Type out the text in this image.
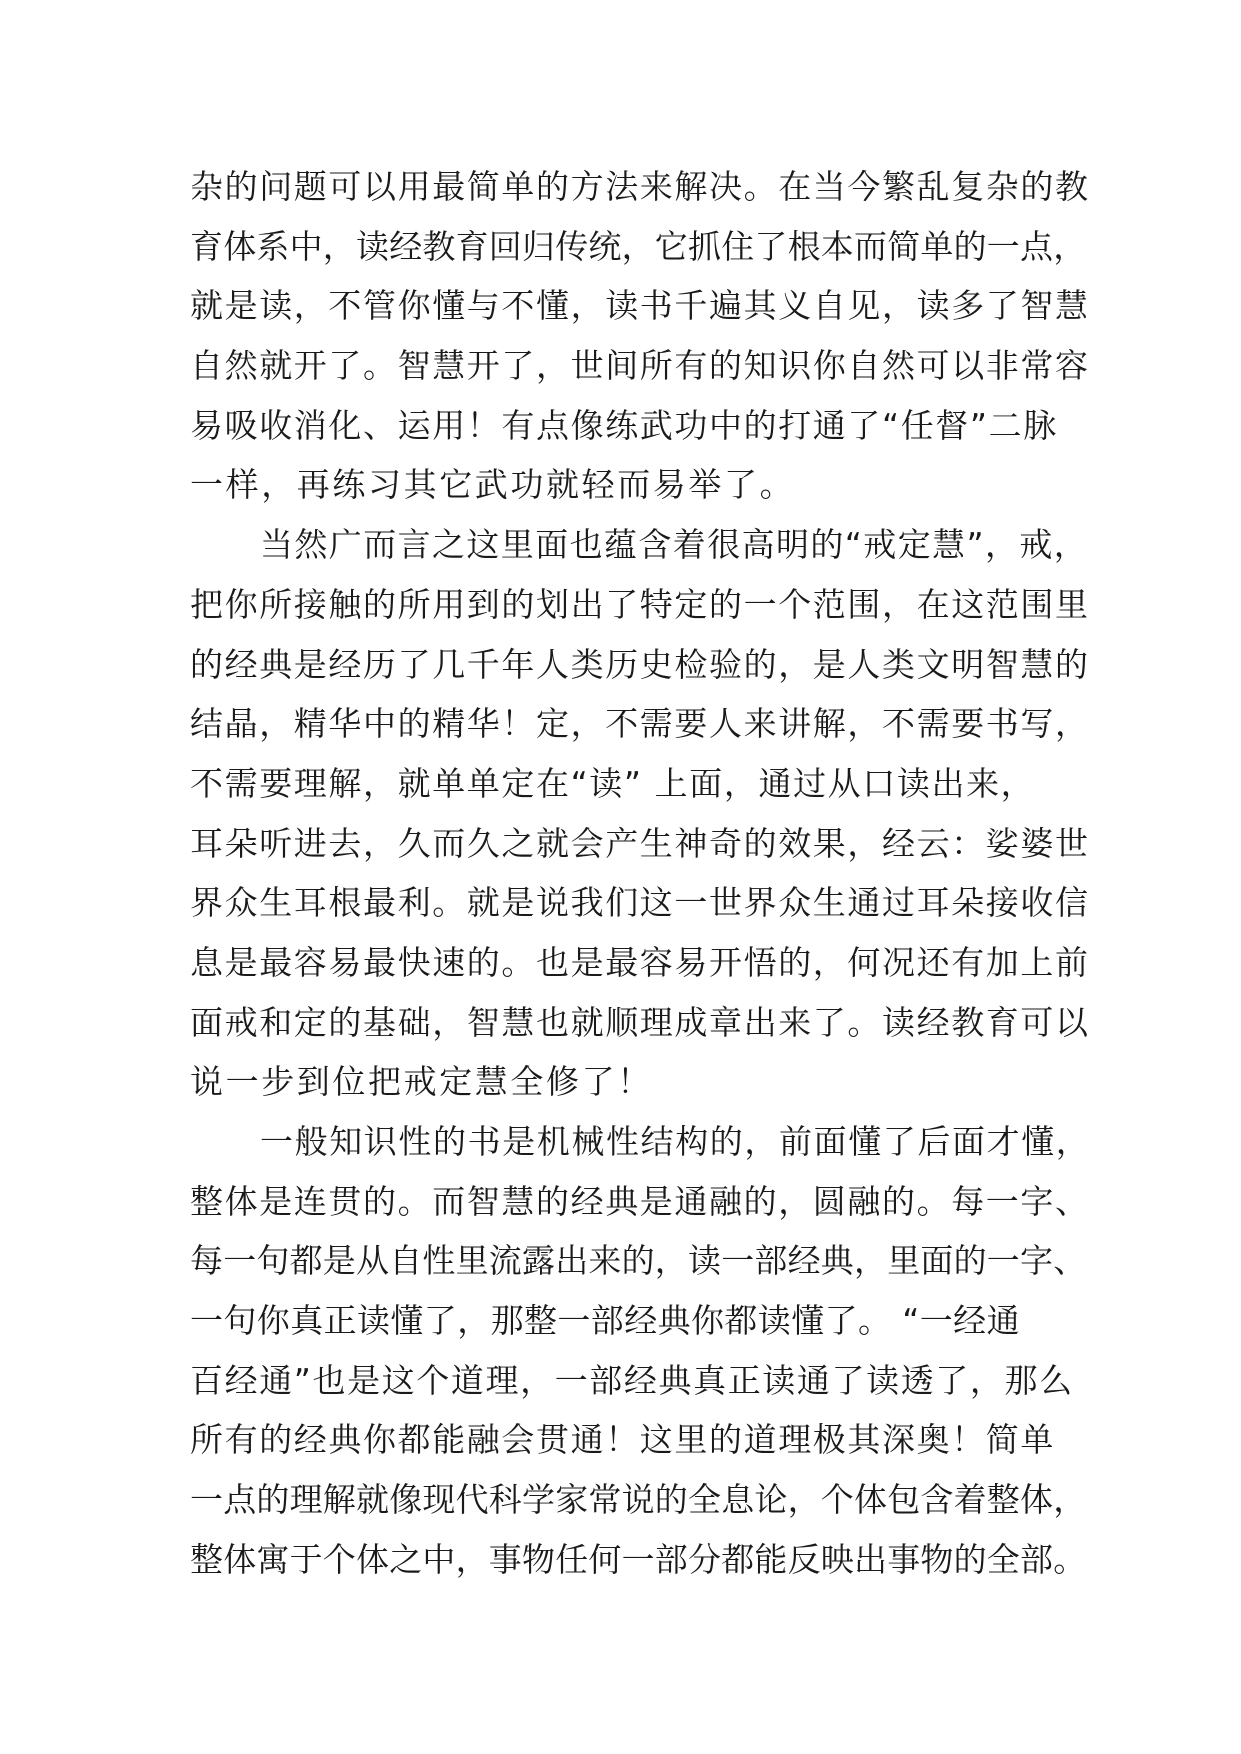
杂的问题可以用最简单的方法来解决。在当今繁乱复杂的教
育体系中，读经教育回归传统，它抓住了根本而简单的一点，
就是读，不管你懂与不懂，读书千遍其义自见，读多了智慧
自然就开了。智慧开了，世间所有的知识你自然可以非常容
易吸收消化、运用！有点像练武功中的打通了“任督”二脉
一样，再练习其它武功就轻而易举了。
当然广而言之这里面也蕴含着很高明的“戒定慧”，戒，
把你所接触的所用到的划出了特定的一个范围，在这范围里
的经典是经历了几千年人类历史检验的，是人类文明智慧的
结晶，精华中的精华！定，不需要人来讲解，不需要书写，
不需要理解，就单单定在“读” 上面，通过从口读出来，
耳朵听进去，久而久之就会产生神奇的效果，经云：娑婆世
界众生耳根最利。就是说我们这一世界众生通过耳朵接收信
息是最容易最快速的。也是最容易开悟的，何况还有加上前
面戒和定的基础，智慧也就顺理成章出来了。读经教育可以
说一步到位把戒定慧全修了！
一般知识性的书是机械性结构的，前面懂了后面才懂，
整体是连贯的。而智慧的经典是通融的，圆融的。每一字、
每一句都是从自性里流露出来的，读一部经典，里面的一字、
一句你真正读懂了，那整一部经典你都读懂了。 “一经通
百经通”也是这个道理，一部经典真正读通了读透了，那么
所有的经典你都能融会贯通！这里的道理极其深奥！简单
一点的理解就像现代科学家常说的全息论，个体包含着整体，
整体寓于个体之中，事物任何一部分都能反映出事物的全部。
